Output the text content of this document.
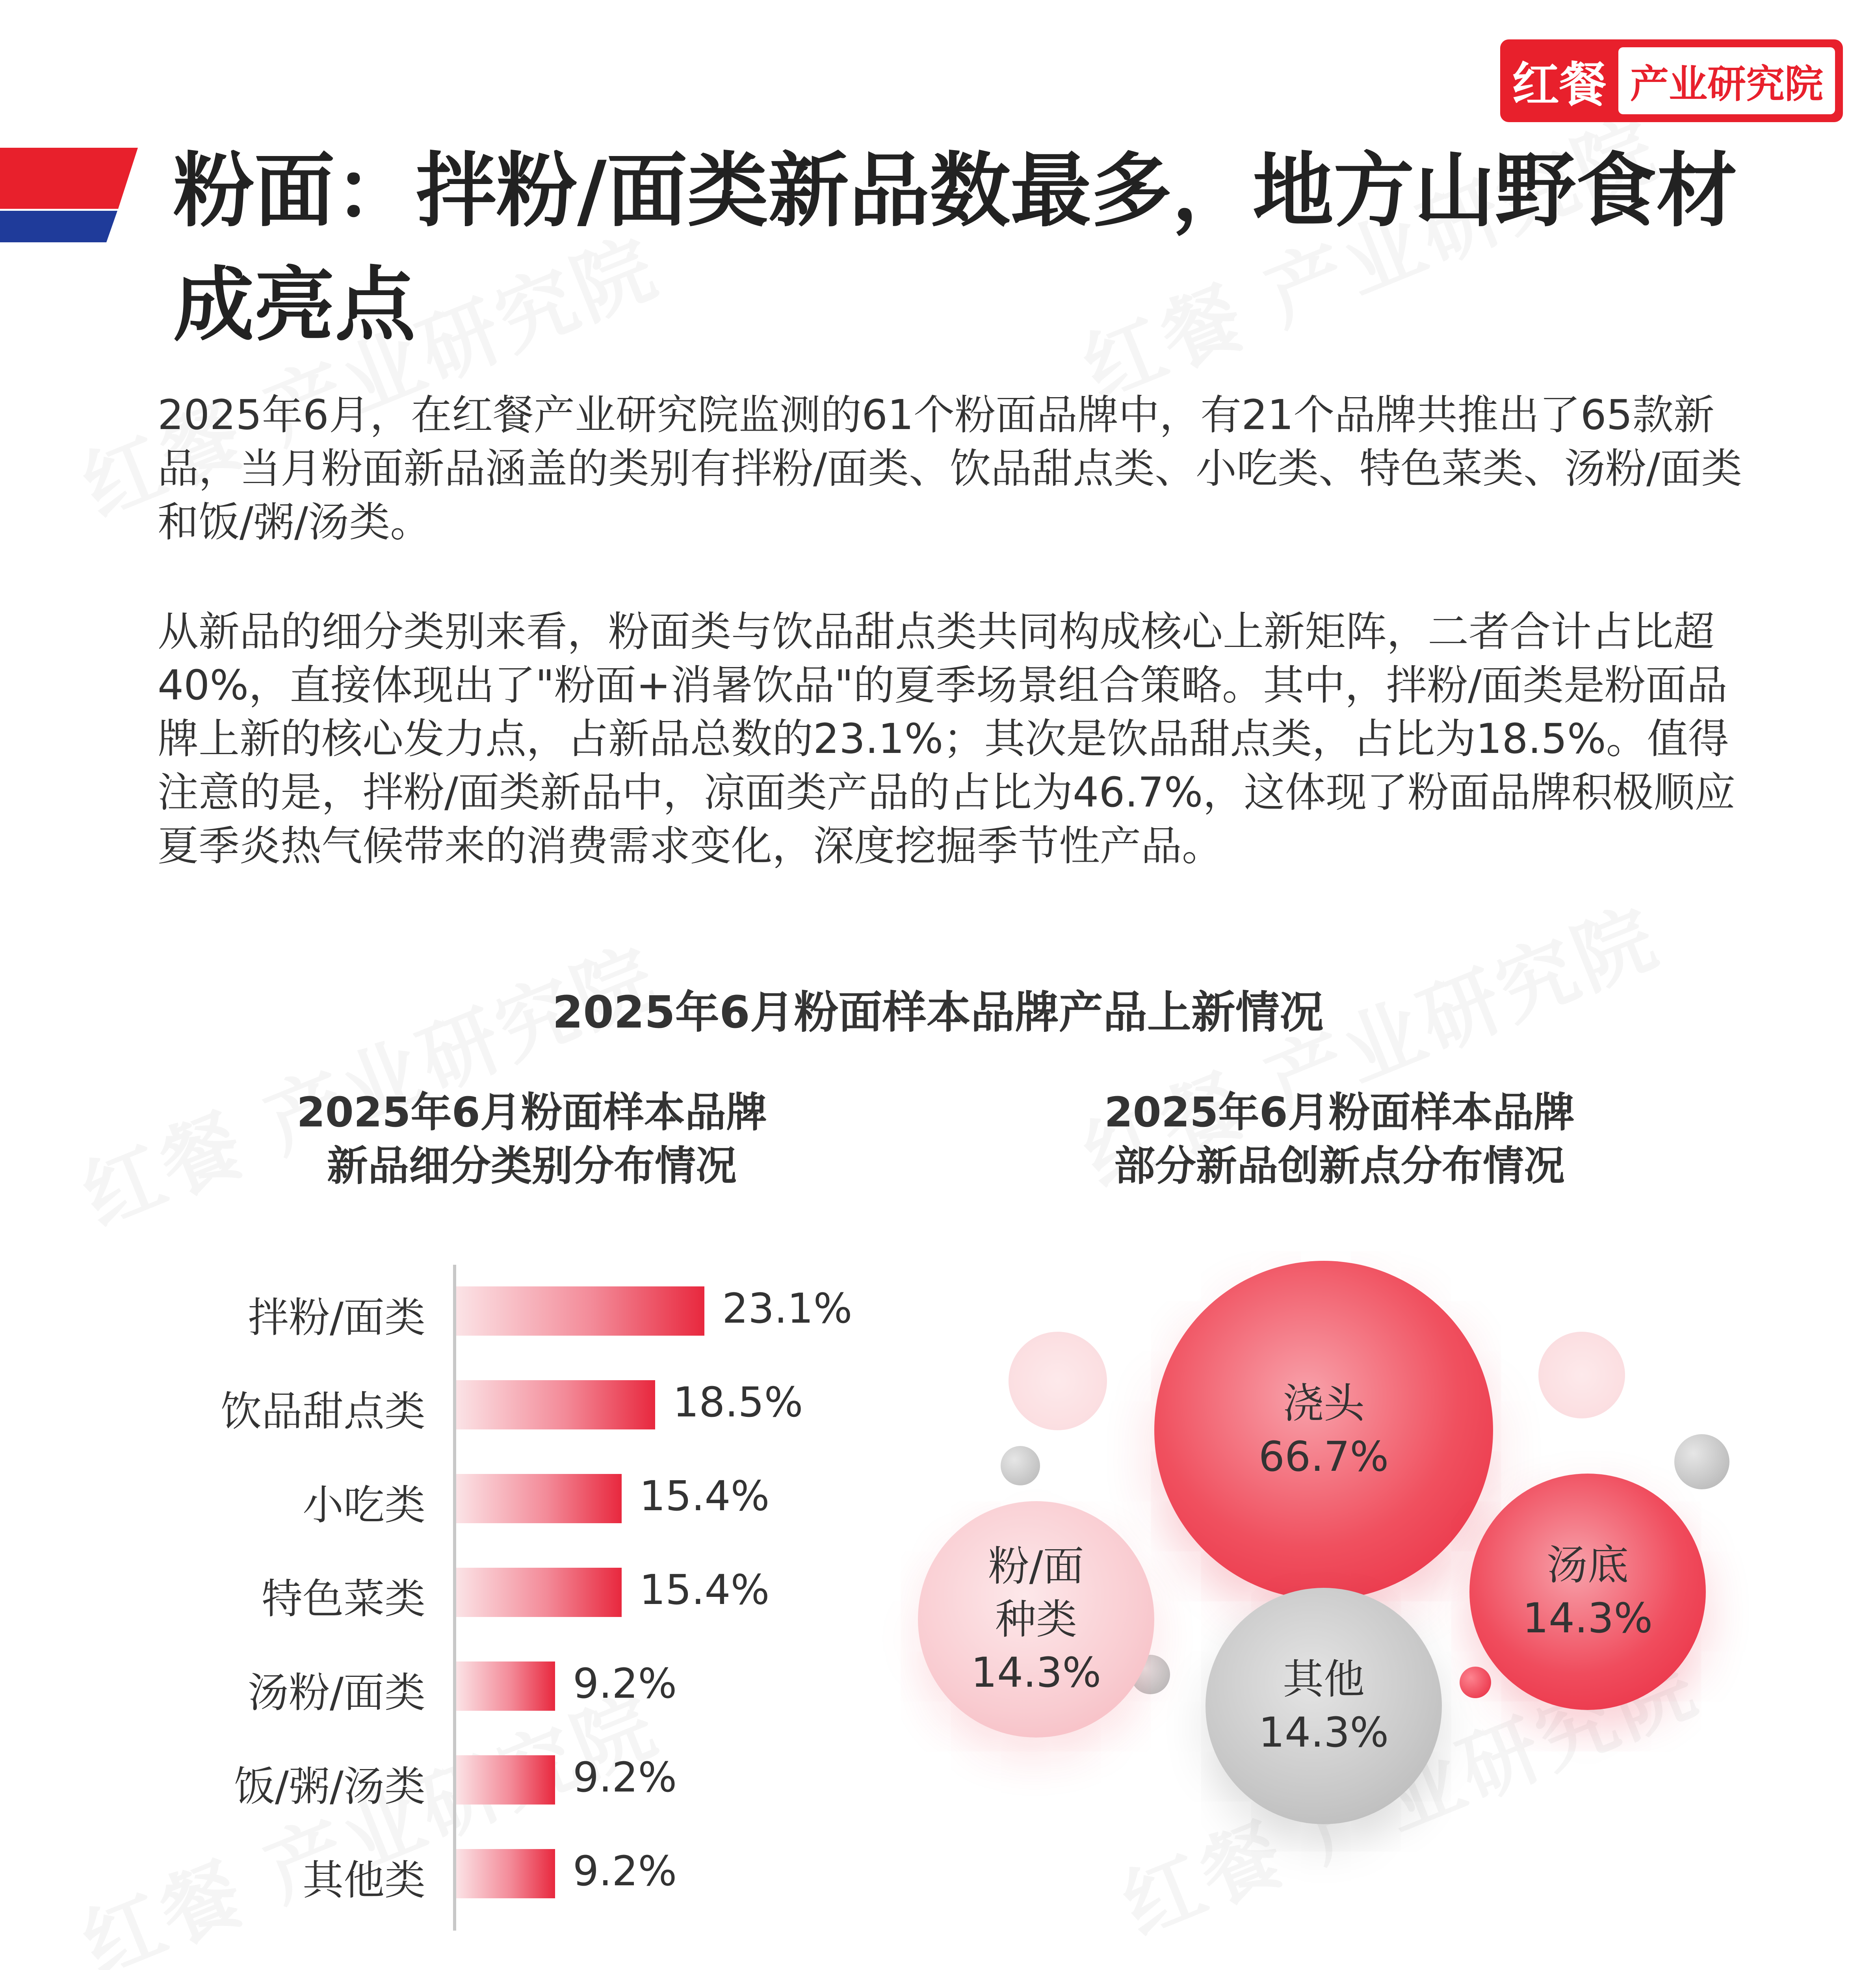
红餐 产业研究院
粉面：拌粉/面类新品数最多，地方山野食材成亮点
2025年6月，在红餐产业研究院监测的61个粉面品牌中，有21个品牌共推出了65款新品，当月粉面新品涵盖的类别有拌粉/面类、饮品甜点类、小吃类、特色菜类、汤粉/面类和饭/粥/汤类。
从新品的细分类别来看，粉面类与饮品甜点类共同构成核心上新矩阵，二者合计占比超40%，直接体现出了"粉面+消暑饮品"的夏季场景组合策略。其中，拌粉/面类是粉面品牌上新的核心发力点，占新品总数的23.1%；其次是饮品甜点类，占比为18.5%。值得注意的是，拌粉/面类新品中，凉面类产品的占比为46.7%，这体现了粉面品牌积极顺应夏季炎热气候带来的消费需求变化，深度挖掘季节性产品。
2025年6月粉面样本品牌产品上新情况
2025年6月粉面样本品牌
新品细分类别分布情况
2025年6月粉面样本品牌
部分新品创新点分布情况
拌粉/面类	23.1%
饮品甜点类	18.5%
小吃类	15.4%
特色菜类	15.4%
汤粉/面类	9.2%
饭/粥/汤类	9.2%
其他类	9.2%
浇头
66.7%
汤底
14.3%
粉/面
种类
14.3%	其他
14.3%
